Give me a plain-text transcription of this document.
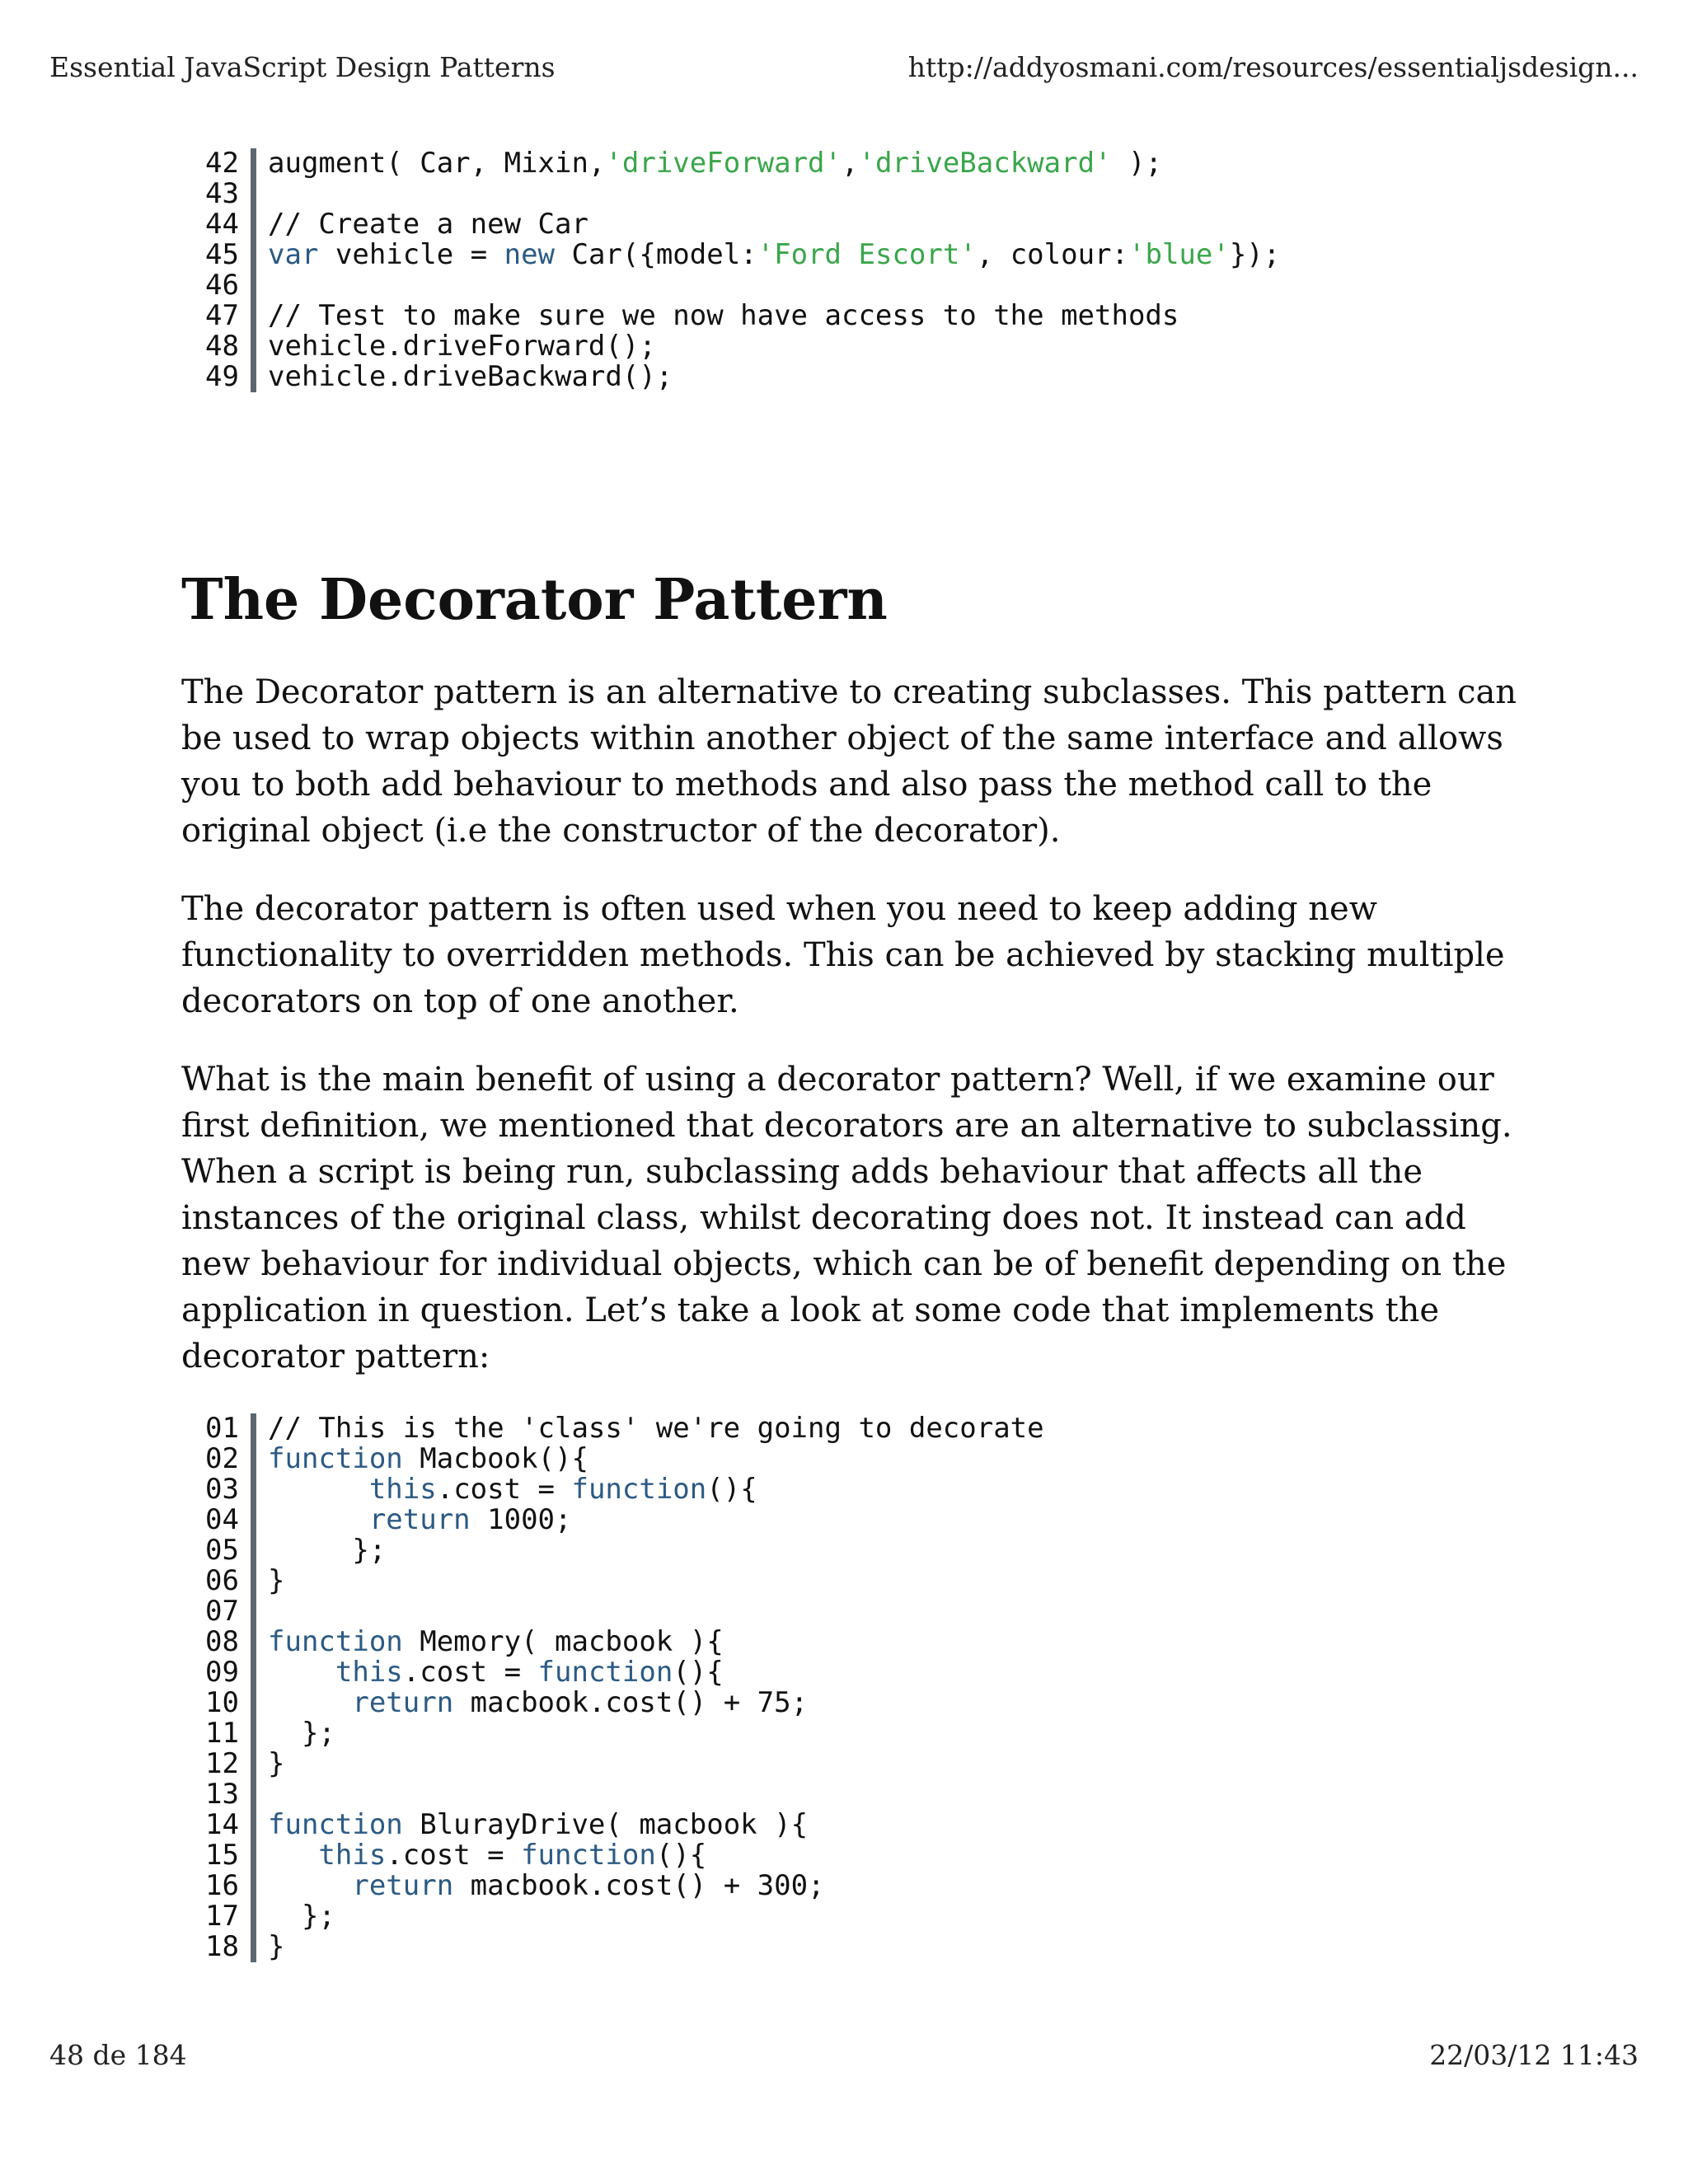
Essential JavaScript Design Patterns	http://addyosmani.com/resources/essentialjsdesign...
42	augment( Car, Mixin,'driveForward','driveBackward' );
43
44	// Create a new Car
45	var vehicle = new Car({model:'Ford Escort', colour:'blue'});
46
47	// Test to make sure we now have access to the methods
48	vehicle.driveForward();
49	vehicle.driveBackward();
The Decorator Pattern

The Decorator pattern is an alternative to creating subclasses. This pattern can be used to wrap objects within another object of the same interface and allows you to both add behaviour to methods and also pass the method call to the original object (i.e the constructor of the decorator).

The decorator pattern is often used when you need to keep adding new functionality to overridden methods. This can be achieved by stacking multiple decorators on top of one another.

What is the main benefit of using a decorator pattern? Well, if we examine our first definition, we mentioned that decorators are an alternative to subclassing. When a script is being run, subclassing adds behaviour that affects all the instances of the original class, whilst decorating does not. It instead can add new behaviour for individual objects, which can be of benefit depending on the application in question. Let’s take a look at some code that implements the decorator pattern:

01	// This is the 'class' we're going to decorate
02	function Macbook(){
03	this.cost = function(){
04	return 1000;
05	};
06	}
07
08	function Memory( macbook ){
09	this.cost = function(){
10	return macbook.cost() + 75;
11	};
12	}
13
14	function BlurayDrive( macbook ){
15	this.cost = function(){
16	return macbook.cost() + 300;
17	};
18	}
48 de 184	22/03/12 11:43
